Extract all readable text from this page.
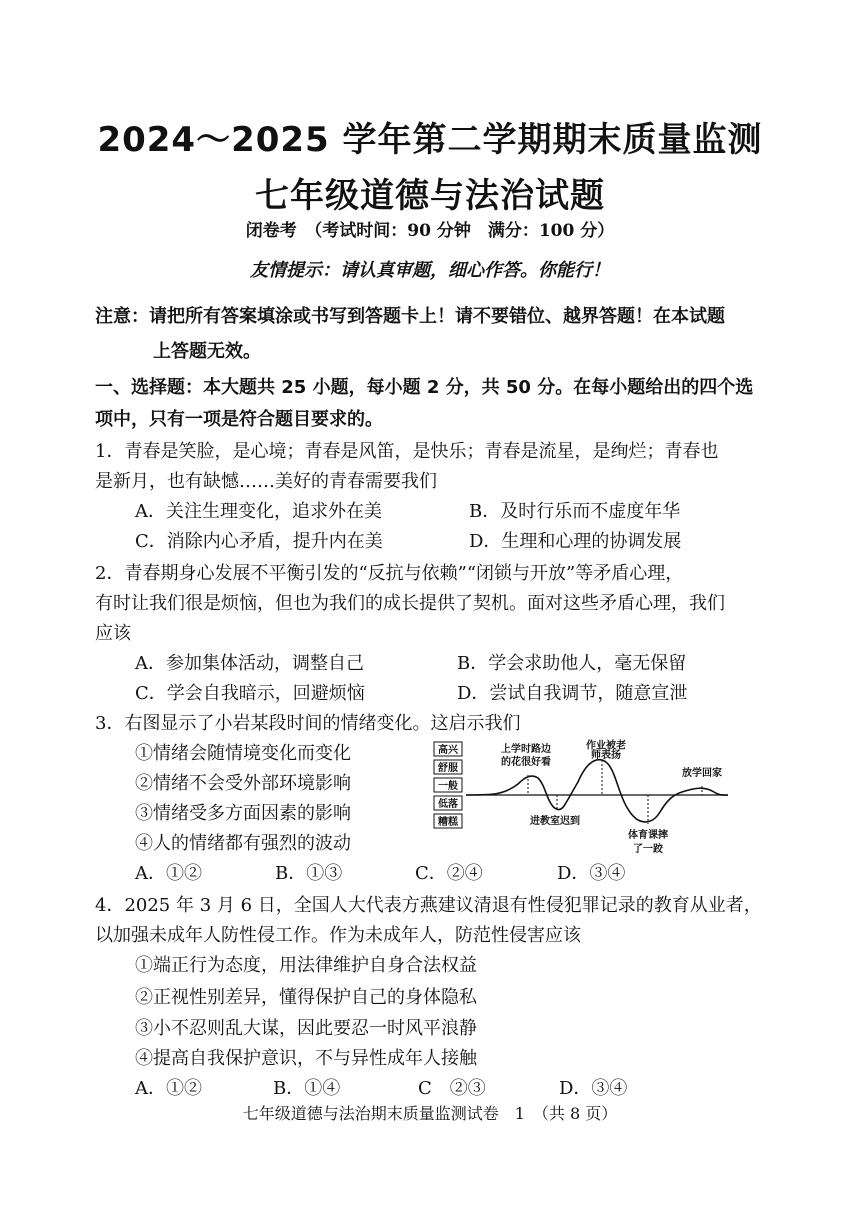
2024～2025 学年第二学期期末质量监测
七年级道德与法治试题
闭卷考　（考试时间：90 分钟　满分：100 分）
友情提示：请认真审题，细心作答。你能行！
注意：请把所有答案填涂或书写到答题卡上！请不要错位、越界答题！在本试题
上答题无效。
一、选择题：本大题共 25 小题，每小题 2 分，共 50 分。在每小题给出的四个选
项中，只有一项是符合题目要求的。
1．青春是笑脸，是心境；青春是风笛，是快乐；青春是流星，是绚烂；青春也
是新月，也有缺憾……美好的青春需要我们
A．关注生理变化，追求外在美	B．及时行乐而不虚度年华
C．消除内心矛盾，提升内在美	D．生理和心理的协调发展
2．青春期身心发展不平衡引发的“反抗与依赖”“闭锁与开放”等矛盾心理，
有时让我们很是烦恼，但也为我们的成长提供了契机。面对这些矛盾心理，我们
应该
A．参加集体活动，调整自己	B．学会求助他人，毫无保留
C．学会自我暗示，回避烦恼	D．尝试自我调节，随意宣泄
3．右图显示了小岩某段时间的情绪变化。这启示我们
①情绪会随情境变化而变化
②情绪不会受外部环境影响
③情绪受多方面因素的影响
④人的情绪都有强烈的波动
A．①②	B．①③	C．②④	D．③④
高兴
舒服
一般
低落
糟糕
上学时路边
的花很好看
作业被老
师表扬
放学回家
进教室迟到
体育课摔
了一跤
4．2025 年 3 月 6 日，全国人大代表方燕建议清退有性侵犯罪记录的教育从业者，
以加强未成年人防性侵工作。作为未成年人，防范性侵害应该
①端正行为态度，用法律维护自身合法权益
②正视性别差异，懂得保护自己的身体隐私
③小不忍则乱大谋，因此要忍一时风平浪静
④提高自我保护意识，不与异性成年人接触
A．①②	B．①④	C　②③	D．③④
七年级道德与法治期末质量监测试卷　1　（共 8 页）
